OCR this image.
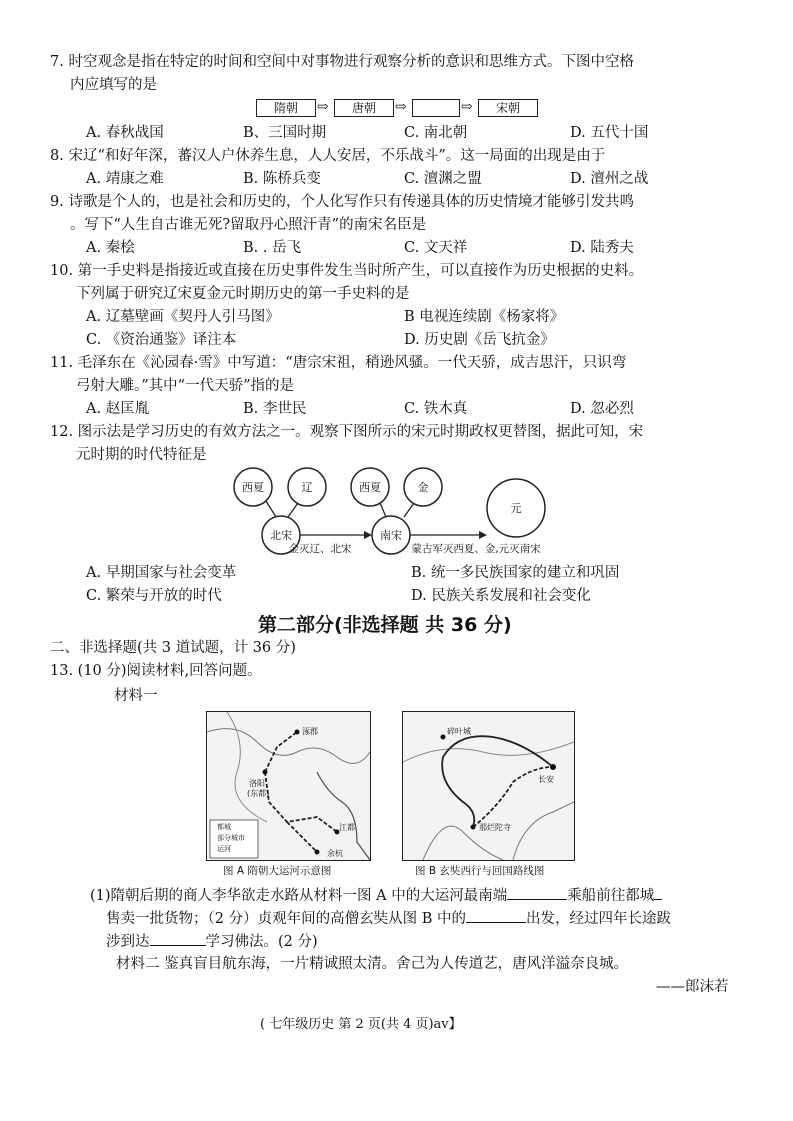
7. 时空观念是指在特定的时间和空间中对事物进行观察分析的意识和思维方式。下图中空格
内应填写的是
隋朝	⇨	唐朝	⇨	⇨	宋朝
A. 春秋战国	B、三国时期	C. 南北朝	D. 五代十国
8. 宋辽“和好年深，蕃汉人户休养生息，人人安居，不乐战斗”。这一局面的出现是由于
A. 靖康之难	B. 陈桥兵变	C. 澶渊之盟	D. 澶州之战
9. 诗歌是个人的，也是社会和历史的，个人化写作只有传递具体的历史情境才能够引发共鸣
。写下“人生自古谁无死?留取丹心照汗青”的南宋名臣是
A. 秦桧	B. . 岳飞	C. 文天祥	D. 陆秀夫
10. 第一手史料是指接近或直接在历史事件发生当时所产生，可以直接作为历史根据的史料。
下列属于研究辽宋夏金元时期历史的第一手史料的是
A. 辽墓壁画《契丹人引马图》	B 电视连续剧《杨家将》
C. 《资治通鉴》译注本	D. 历史剧《岳飞抗金》
11. 毛泽东在《沁园春·雪》中写道：“唐宗宋祖，稍逊风骚。一代天骄，成吉思汗，只识弯
弓射大雕。”其中“一代天骄”指的是
A. 赵匡胤	B. 李世民	C. 铁木真	D. 忽必烈
12. 图示法是学习历史的有效方法之一。观察下图所示的宋元时期政权更替图，据此可知，宋
元时期的时代特征是
西夏	辽	西夏	金
北宋	南宋
元
金灭辽、北宋	蒙古军灭西夏、金,元灭南宋
A. 早期国家与社会变革	B. 统一多民族国家的建立和巩固
C. 繁荣与开放的时代	D. 民族关系发展和社会变化
第二部分(非选择题 共 36 分)
二、非选择题(共 3 道试题，计 36 分)
13. (10 分)阅读材料,回答问题。
材料一
洛阳
(东都)
涿郡
余杭
江都
都城
部分城市
运河
图 A 隋朝大运河示意图
碎叶城
长安
那烂陀寺
图 B 玄奘西行与回国路线图
(1)隋朝后期的商人李华欲走水路从材料一图 A 中的大运河最南端	乘船前往都城
售卖一批货物；（2 分）贞观年间的高僧玄奘从图 B 中的	出发，经过四年长途跋
涉到达	学习佛法。(2 分)
材料二 鉴真盲目航东海，一片精诚照太清。舍己为人传道艺，唐风洋溢奈良城。
——郎沫若
( 七年级历史 第 2 页(共 4 页)av】
